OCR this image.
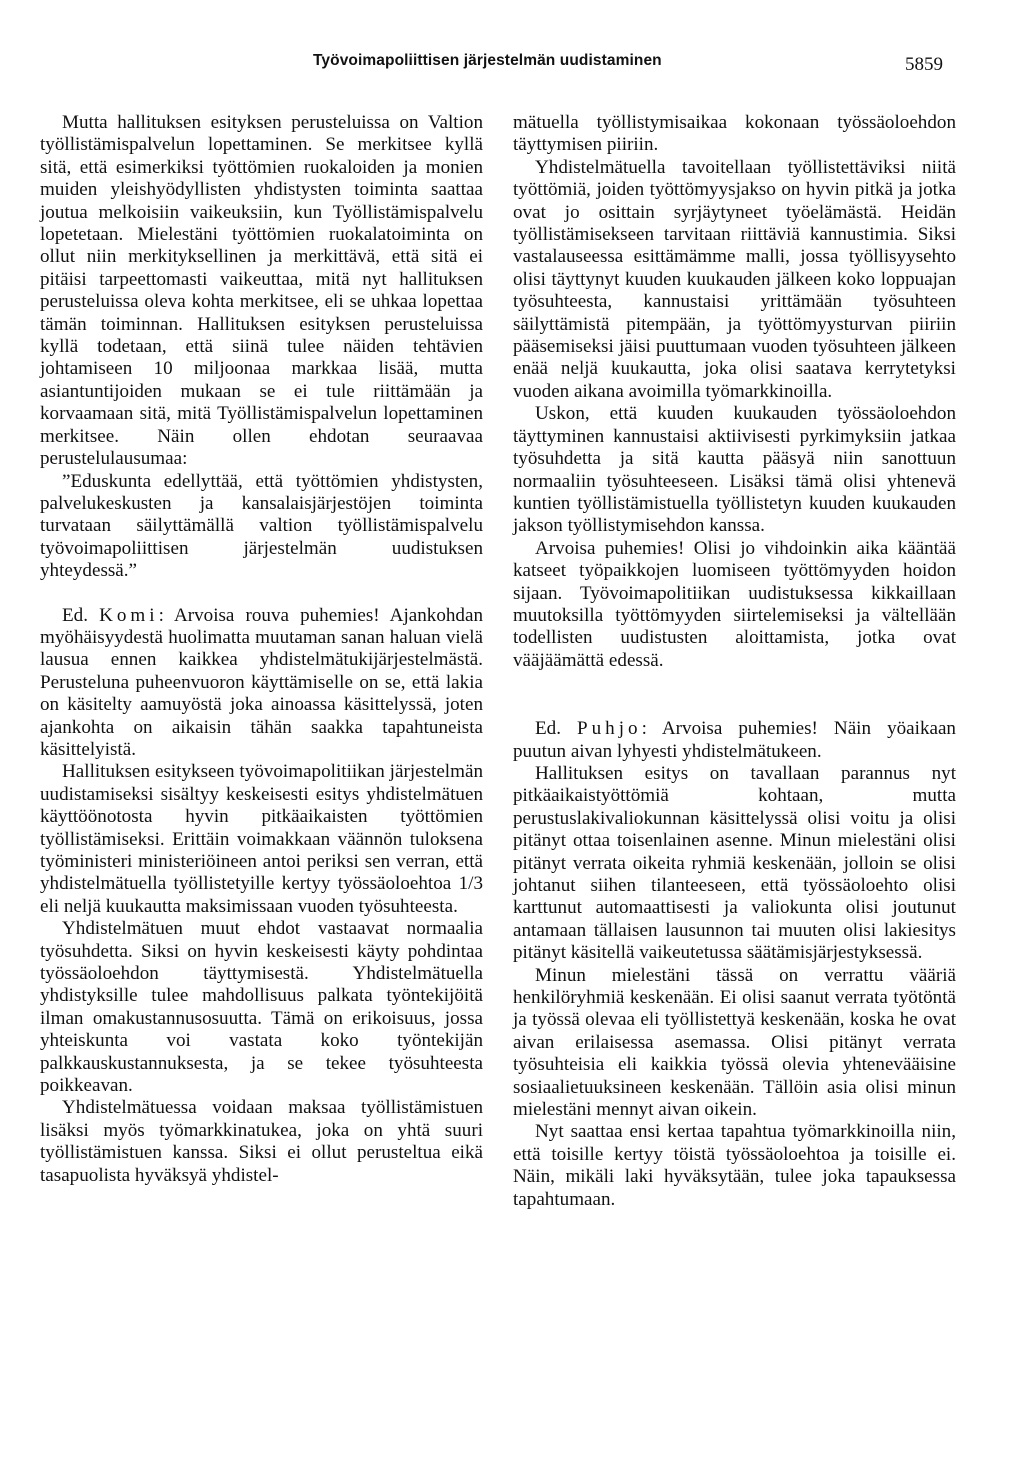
Työvoimapoliittisen järjestelmän uudistaminen	5859

Mutta hallituksen esityksen perusteluissa on Valtion työllistämispalvelun lopettaminen. Se merkitsee kyllä sitä, että esimerkiksi työttömien ruokaloiden ja monien muiden yleishyödyllisten yhdistysten toiminta saattaa joutua melkoisiin vaikeuksiin, kun Työllistämispalvelu lopetetaan. Mielestäni työttömien ruokalatoiminta on ollut niin merkityksellinen ja merkittävä, että sitä ei pitäisi tarpeettomasti vaikeuttaa, mitä nyt hallituksen perusteluissa oleva kohta merkitsee, eli se uhkaa lopettaa tämän toiminnan. Hallituksen esityksen perusteluissa kyllä todetaan, että siinä tulee näiden tehtävien johtamiseen 10 miljoonaa markkaa lisää, mutta asiantuntijoiden mukaan se ei tule riittämään ja korvaamaan sitä, mitä Työllistämispalvelun lopettaminen merkitsee. Näin ollen ehdotan seuraavaa perustelulausumaa:

”Eduskunta edellyttää, että työttömien yhdistysten, palvelukeskusten ja kansalaisjärjestöjen toiminta turvataan säilyttämällä valtion työllistämispalvelu työvoimapoliittisen järjestelmän uudistuksen yhteydessä.”

Ed. Komi: Arvoisa rouva puhemies! Ajankohdan myöhäisyydestä huolimatta muutaman sanan haluan vielä lausua ennen kaikkea yhdistelmätukijärjestelmästä. Perusteluna puheenvuoron käyttämiselle on se, että lakia on käsitelty aamuyöstä joka ainoassa käsittelyssä, joten ajankohta on aikaisin tähän saakka tapahtuneista käsittelyistä.

Hallituksen esitykseen työvoimapolitiikan järjestelmän uudistamiseksi sisältyy keskeisesti esitys yhdistelmätuen käyttöönotosta hyvin pitkäaikaisten työttömien työllistämiseksi. Erittäin voimakkaan väännön tuloksena työministeri ministeriöineen antoi periksi sen verran, että yhdistelmätuella työllistetyille kertyy työssäoloehtoa 1/3 eli neljä kuukautta maksimissaan vuoden työsuhteesta.

Yhdistelmätuen muut ehdot vastaavat normaalia työsuhdetta. Siksi on hyvin keskeisesti käyty pohdintaa työssäoloehdon täyttymisestä. Yhdistelmätuella yhdistyksille tulee mahdollisuus palkata työntekijöitä ilman omakustannusosuutta. Tämä on erikoisuus, jossa yhteiskunta voi vastata koko työntekijän palkkauskustannuksesta, ja se tekee työsuhteesta poikkeavan.

Yhdistelmätuessa voidaan maksaa työllistämistuen lisäksi myös työmarkkinatukea, joka on yhtä suuri työllistämistuen kanssa. Siksi ei ollut perusteltua eikä tasapuolista hyväksyä yhdistel-

mätuella työllistymisaikaa kokonaan työssäoloehdon täyttymisen piiriin.

Yhdistelmätuella tavoitellaan työllistettäviksi niitä työttömiä, joiden työttömyysjakso on hyvin pitkä ja jotka ovat jo osittain syrjäytyneet työelämästä. Heidän työllistämisekseen tarvitaan riittäviä kannustimia. Siksi vastalauseessa esittämämme malli, jossa työllisyysehto olisi täyttynyt kuuden kuukauden jälkeen koko loppuajan työsuhteesta, kannustaisi yrittämään työsuhteen säilyttämistä pitempään, ja työttömyysturvan piiriin pääsemiseksi jäisi puuttumaan vuoden työsuhteen jälkeen enää neljä kuukautta, joka olisi saatava kerrytetyksi vuoden aikana avoimilla työmarkkinoilla.

Uskon, että kuuden kuukauden työssäoloehdon täyttyminen kannustaisi aktiivisesti pyrkimyksiin jatkaa työsuhdetta ja sitä kautta pääsyä niin sanottuun normaaliin työsuhteeseen. Lisäksi tämä olisi yhtenevä kuntien työllistämistuella työllistetyn kuuden kuukauden jakson työllistymisehdon kanssa.

Arvoisa puhemies! Olisi jo vihdoinkin aika kääntää katseet työpaikkojen luomiseen työttömyyden hoidon sijaan. Työvoimapolitiikan uudistuksessa kikkaillaan muutoksilla työttömyyden siirtelemiseksi ja vältellään todellisten uudistusten aloittamista, jotka ovat vääjäämättä edessä.

Ed. Puhjo: Arvoisa puhemies! Näin yöaikaan puutun aivan lyhyesti yhdistelmätukeen.

Hallituksen esitys on tavallaan parannus nyt pitkäaikaistyöttömiä kohtaan, mutta perustuslakivaliokunnan käsittelyssä olisi voitu ja olisi pitänyt ottaa toisenlainen asenne. Minun mielestäni olisi pitänyt verrata oikeita ryhmiä keskenään, jolloin se olisi johtanut siihen tilanteeseen, että työssäoloehto olisi karttunut automaattisesti ja valiokunta olisi joutunut antamaan tällaisen lausunnon tai muuten olisi lakiesitys pitänyt käsitellä vaikeutetussa säätämisjärjestyksessä.

Minun mielestäni tässä on verrattu vääriä henkilöryhmiä keskenään. Ei olisi saanut verrata työtöntä ja työssä olevaa eli työllistettyä keskenään, koska he ovat aivan erilaisessa asemassa. Olisi pitänyt verrata työsuhteisia eli kaikkia työssä olevia yhtenevääisine sosiaalietuuksineen keskenään. Tällöin asia olisi minun mielestäni mennyt aivan oikein.

Nyt saattaa ensi kertaa tapahtua työmarkkinoilla niin, että toisille kertyy töistä työssäoloehtoa ja toisille ei. Näin, mikäli laki hyväksytään, tulee joka tapauksessa tapahtumaan.
